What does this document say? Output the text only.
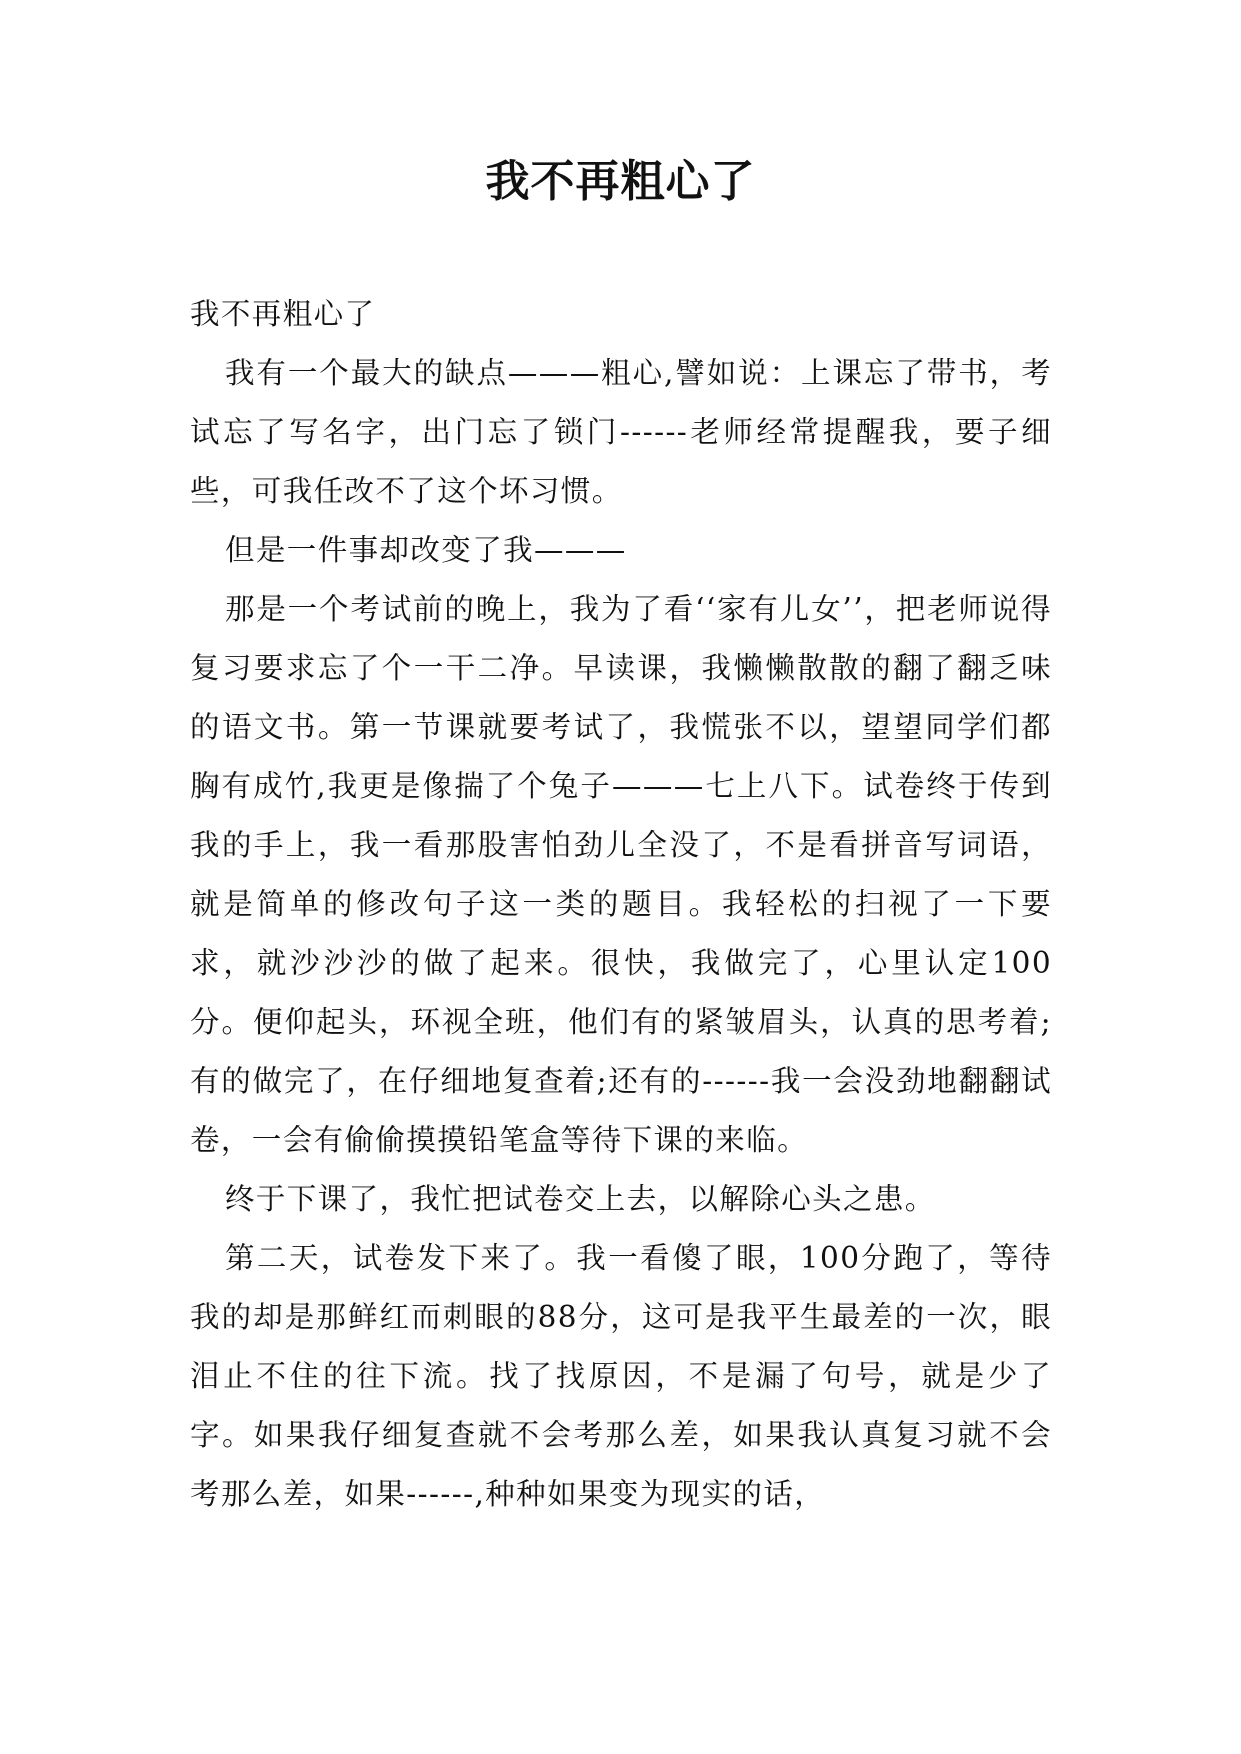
我不再粗心了

我不再粗心了

我有一个最大的缺点———粗心,譬如说：上课忘了带书，考试忘了写名字，出门忘了锁门------老师经常提醒我，要子细些，可我任改不了这个坏习惯。

但是一件事却改变了我———

那是一个考试前的晚上，我为了看‘‘家有儿女’’，把老师说得复习要求忘了个一干二净。早读课，我懒懒散散的翻了翻乏味的语文书。第一节课就要考试了，我慌张不以，望望同学们都胸有成竹,我更是像揣了个兔子———七上八下。试卷终于传到我的手上，我一看那股害怕劲儿全没了，不是看拼音写词语，就是简单的修改句子这一类的题目。我轻松的扫视了一下要求，就沙沙沙的做了起来。很快，我做完了，心里认定100分。便仰起头，环视全班，他们有的紧皱眉头，认真的思考着;有的做完了，在仔细地复查着;还有的------我一会没劲地翻翻试卷，一会有偷偷摸摸铅笔盒等待下课的来临。

终于下课了，我忙把试卷交上去，以解除心头之患。

第二天，试卷发下来了。我一看傻了眼，100分跑了，等待我的却是那鲜红而刺眼的88分，这可是我平生最差的一次，眼泪止不住的往下流。找了找原因，不是漏了句号，就是少了字。如果我仔细复查就不会考那么差，如果我认真复习就不会考那么差，如果------,种种如果变为现实的话，
